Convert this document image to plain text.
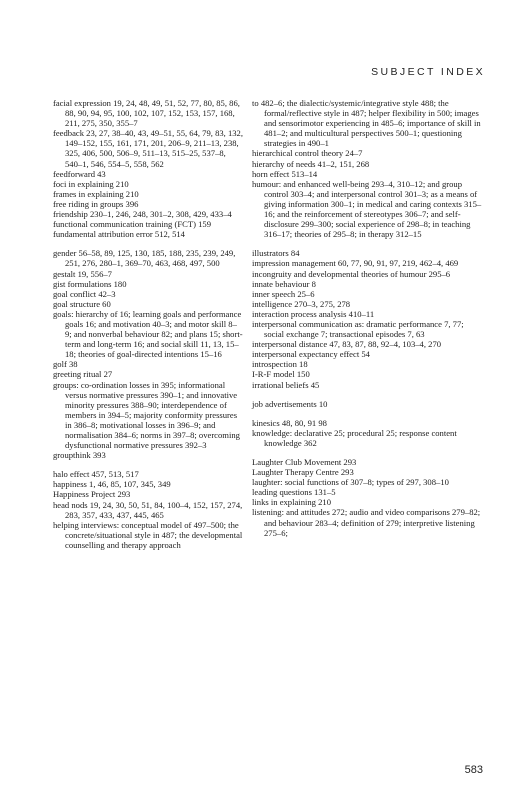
SUBJECT INDEX

facial expression 19, 24, 48, 49, 51, 52, 77, 80, 85, 86, 88, 90, 94, 95, 100, 102, 107, 152, 153, 157, 168, 211, 275, 350, 355–7

feedback 23, 27, 38–40, 43, 49–51, 55, 64, 79, 83, 132, 149–152, 155, 161, 171, 201, 206–9, 211–13, 238, 325, 406, 500, 506–9, 511–13, 515–25, 537–8, 540–1, 546, 554–5, 558, 562

feedforward 43

foci in explaining 210

frames in explaining 210

free riding in groups 396

friendship 230–1, 246, 248, 301–2, 308, 429, 433–4

functional communication training (FCT) 159

fundamental attribution error 512, 514

gender 56–58, 89, 125, 130, 185, 188, 235, 239, 249, 251, 276, 280–1, 369–70, 463, 468, 497, 500

gestalt 19, 556–7

gist formulations 180

goal conflict 42–3

goal structure 60

goals: hierarchy of 16; learning goals and performance goals 16; and motivation 40–3; and motor skill 8–9; and nonverbal behaviour 82; and plans 15; short-term and long-term 16; and social skill 11, 13, 15–18; theories of goal-directed intentions 15–16

golf 38

greeting ritual 27

groups: co-ordination losses in 395; informational versus normative pressures 390–1; and innovative minority pressures 388–90; interdependence of members in 394–5; majority conformity pressures in 386–8; motivational losses in 396–9; and normalisation 384–6; norms in 397–8; overcoming dysfunctional normative pressures 392–3

groupthink 393

halo effect 457, 513, 517

happiness 1, 46, 85, 107, 345, 349

Happiness Project 293

head nods 19, 24, 30, 50, 51, 84, 100–4, 152, 157, 274, 283, 357, 433, 437, 445, 465

helping interviews: conceptual model of 497–500; the concrete/situational style in 487; the developmental counselling and therapy approach

to 482–6; the dialectic/systemic/integrative style 488; the formal/reflective style in 487; helper flexibility in 500; images and sensorimotor experiencing in 485–6; importance of skill in 481–2; and multicultural perspectives 500–1; questioning strategies in 490–1

hierarchical control theory 24–7

hierarchy of needs 41–2, 151, 268

horn effect 513–14

humour: and enhanced well-being 293–4, 310–12; and group control 303–4; and interpersonal control 301–3; as a means of giving information 300–1; in medical and caring contexts 315–16; and the reinforcement of stereotypes 306–7; and self-disclosure 299–300; social experience of 298–8; in teaching 316–17; theories of 295–8; in therapy 312–15

illustrators 84

impression management 60, 77, 90, 91, 97, 219, 462–4, 469

incongruity and developmental theories of humour 295–6

innate behaviour 8

inner speech 25–6

intelligence 270–3, 275, 278

interaction process analysis 410–11

interpersonal communication as: dramatic performance 7, 77; social exchange 7; transactional episodes 7, 63

interpersonal distance 47, 83, 87, 88, 92–4, 103–4, 270

interpersonal expectancy effect 54

introspection 18

I-R-F model 150

irrational beliefs 45

job advertisements 10

kinesics 48, 80, 91 98

knowledge: declarative 25; procedural 25; response content knowledge 362

Laughter Club Movement 293

Laughter Therapy Centre 293

laughter: social functions of 307–8; types of 297, 308–10

leading questions 131–5

links in explaining 210

listening: and attitudes 272; audio and video comparisons 279–82; and behaviour 283–4; definition of 279; interpretive listening 275–6;

583
